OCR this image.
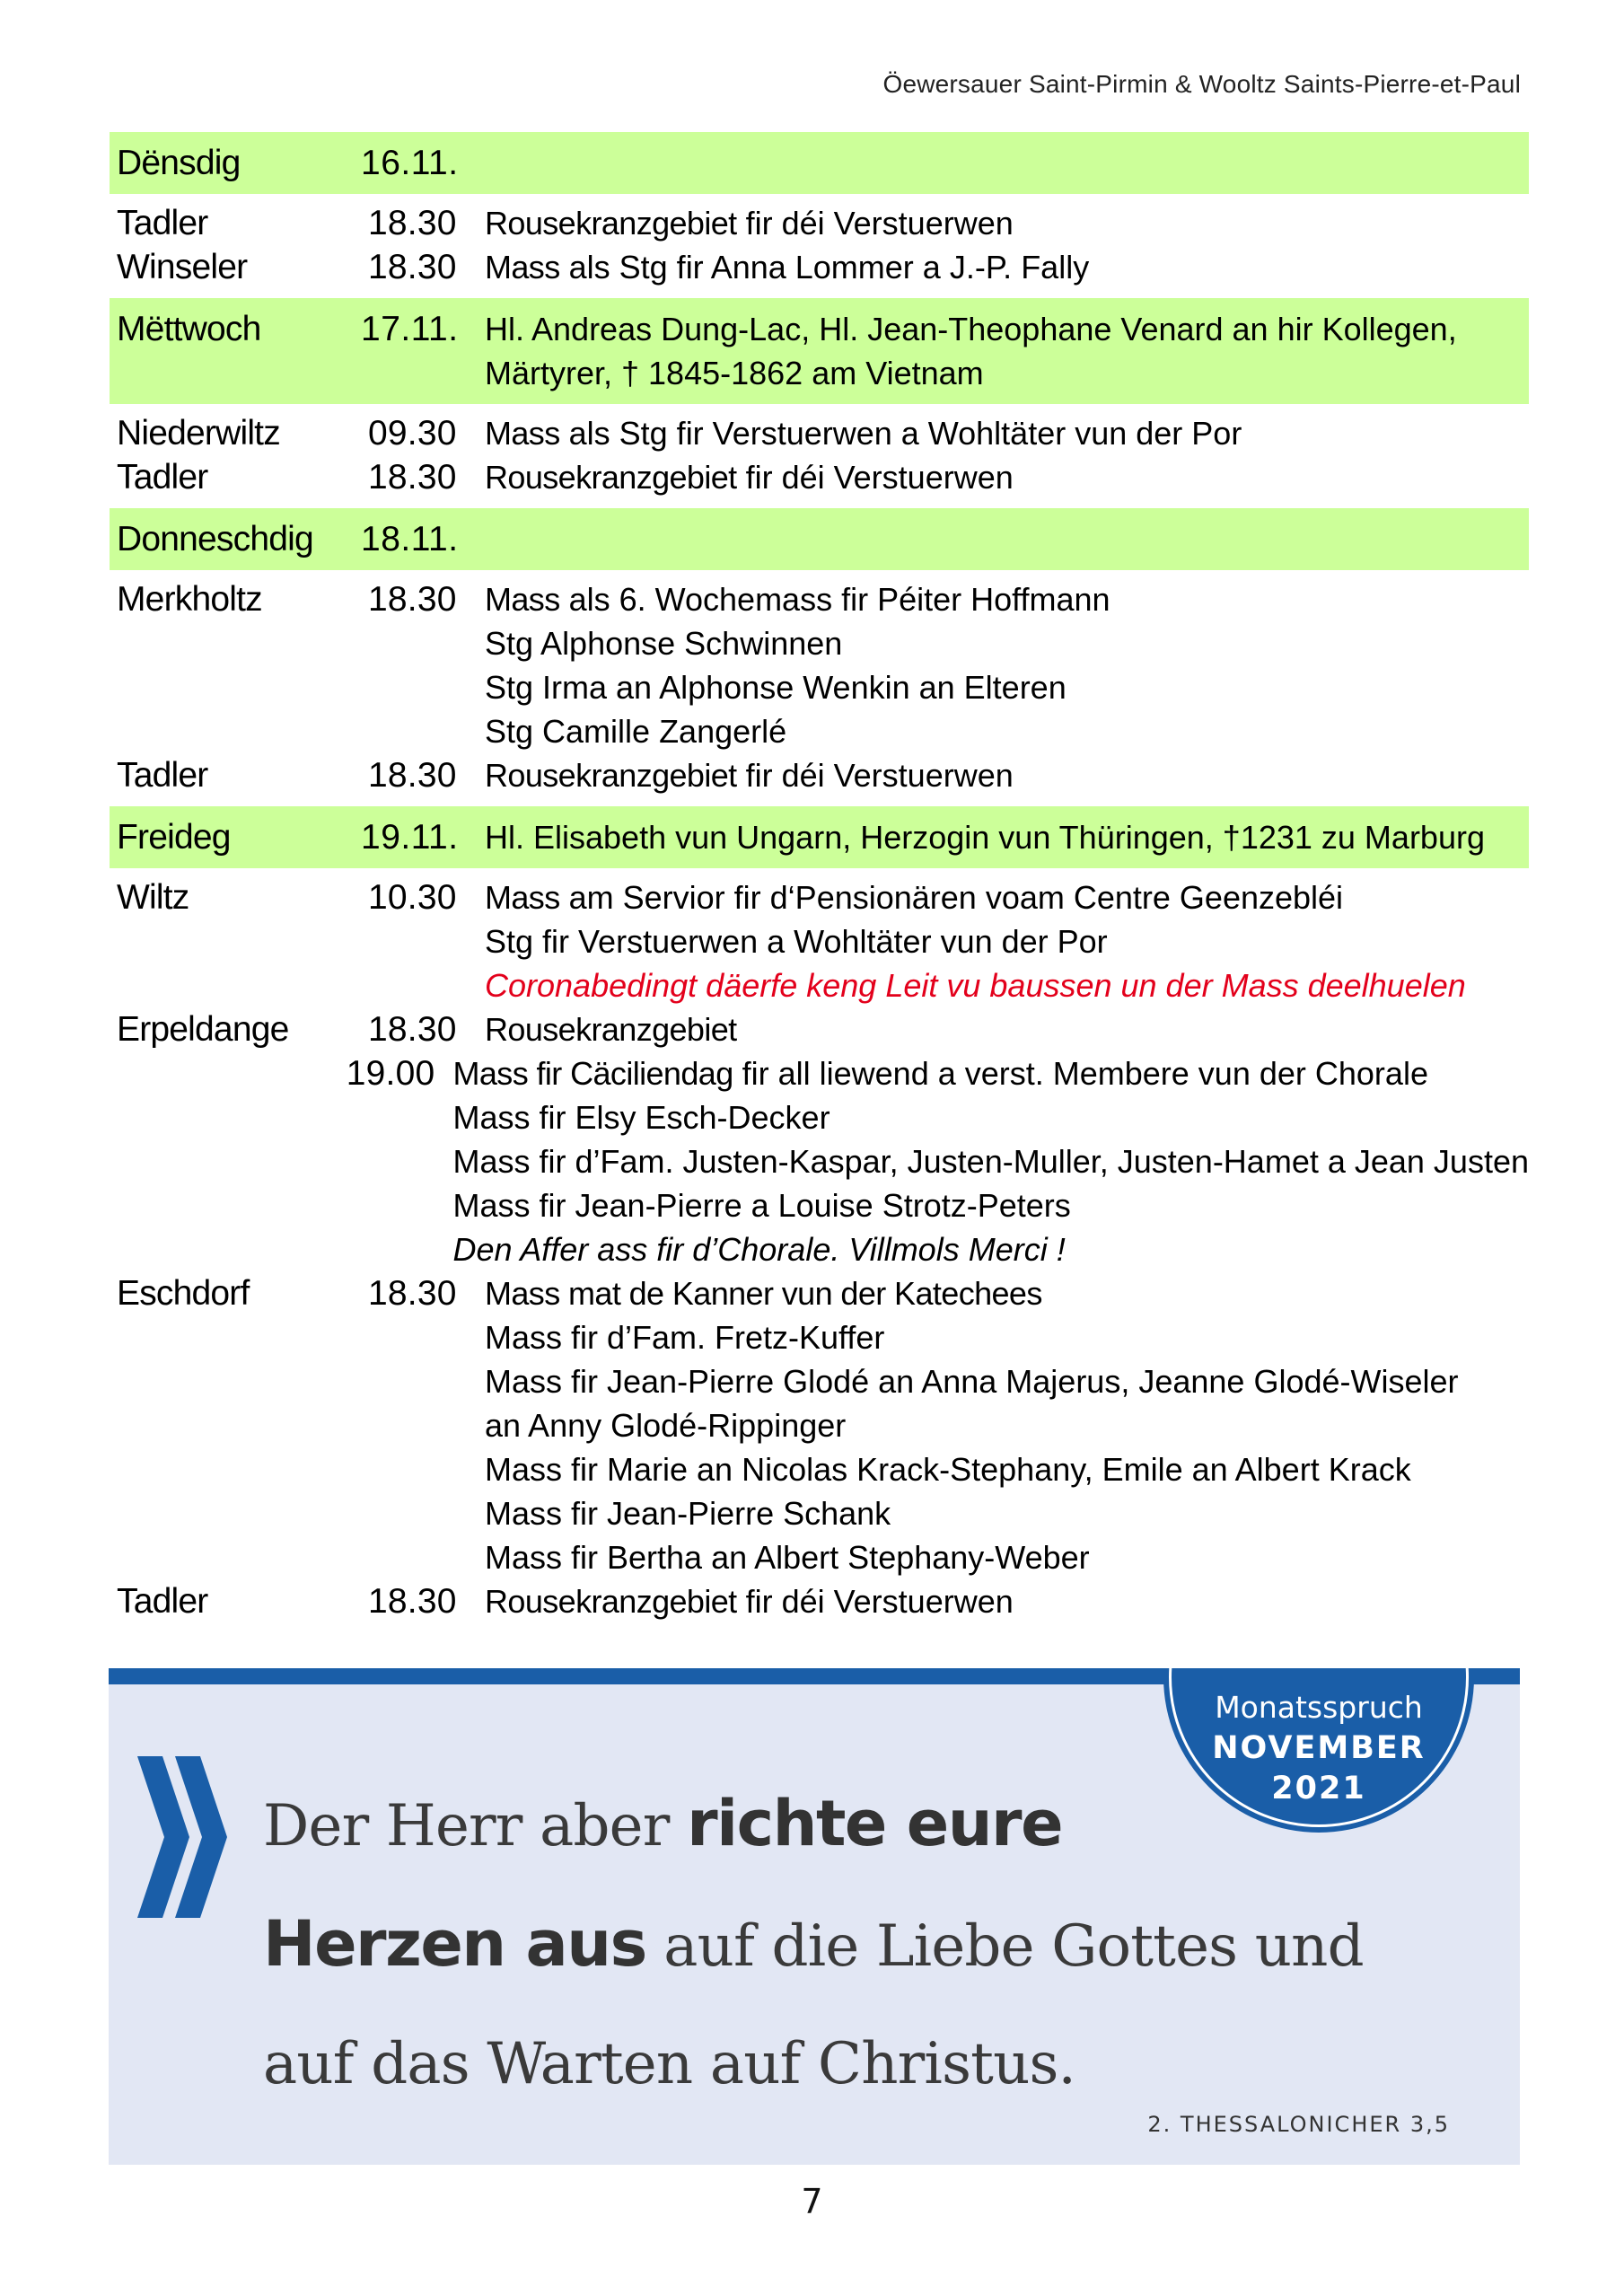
Öewersauer Saint-Pirmin & Wooltz Saints-Pierre-et-Paul
Dënsdig	16.11.
Tadler	18.30 Rousekranzgebiet fir déi Verstuerwen
Winseler	18.30 Mass als Stg fir Anna Lommer a J.-P. Fally
Mëttwoch	17.11. Hl. Andreas Dung-Lac, Hl. Jean-Theophane Venard an hir Kollegen,
Märtyrer, † 1845-1862 am Vietnam
Niederwiltz	09.30 Mass als Stg fir Verstuerwen a Wohltäter vun der Por
Tadler	18.30 Rousekranzgebiet fir déi Verstuerwen
Donneschdig	18.11.
Merkholtz	18.30 Mass als 6. Wochemass fir Péiter Hoffmann
Stg Alphonse Schwinnen
Stg Irma an Alphonse Wenkin an Elteren
Stg Camille Zangerlé
Tadler	18.30 Rousekranzgebiet fir déi Verstuerwen
Freideg	19.11. Hl. Elisabeth vun Ungarn, Herzogin vun Thüringen, †1231 zu Marburg
Wiltz	10.30 Mass am Servior fir d‘Pensionären voam Centre Geenzebléi
Stg fir Verstuerwen a Wohltäter vun der Por
Coronabedingt däerfe keng Leit vu baussen un der Mass deelhuelen
Erpeldange	18.30 Rousekranzgebiet
19.00 Mass fir Cäciliendag fir all liewend a verst. Membere vun der Chorale
Mass fir Elsy Esch-Decker
Mass fir d’Fam. Justen-Kaspar, Justen-Muller, Justen-Hamet a Jean Justen
Mass fir Jean-Pierre a Louise Strotz-Peters
Den Affer ass fir d’Chorale. Villmols Merci !
Eschdorf	18.30 Mass mat de Kanner vun der Katechees
Mass fir d’Fam. Fretz-Kuffer
Mass fir Jean-Pierre Glodé an Anna Majerus, Jeanne Glodé-Wiseler
an Anny Glodé-Rippinger
Mass fir Marie an Nicolas Krack-Stephany, Emile an Albert Krack
Mass fir Jean-Pierre Schank
Mass fir Bertha an Albert Stephany-Weber
Tadler	18.30 Rousekranzgebiet fir déi Verstuerwen
Der Herr aber richte eure
Herzen aus auf die Liebe Gottes und
auf das Warten auf Christus.
2. THESSALONICHER 3,5
Monatsspruch
NOVEMBER
2021
7
